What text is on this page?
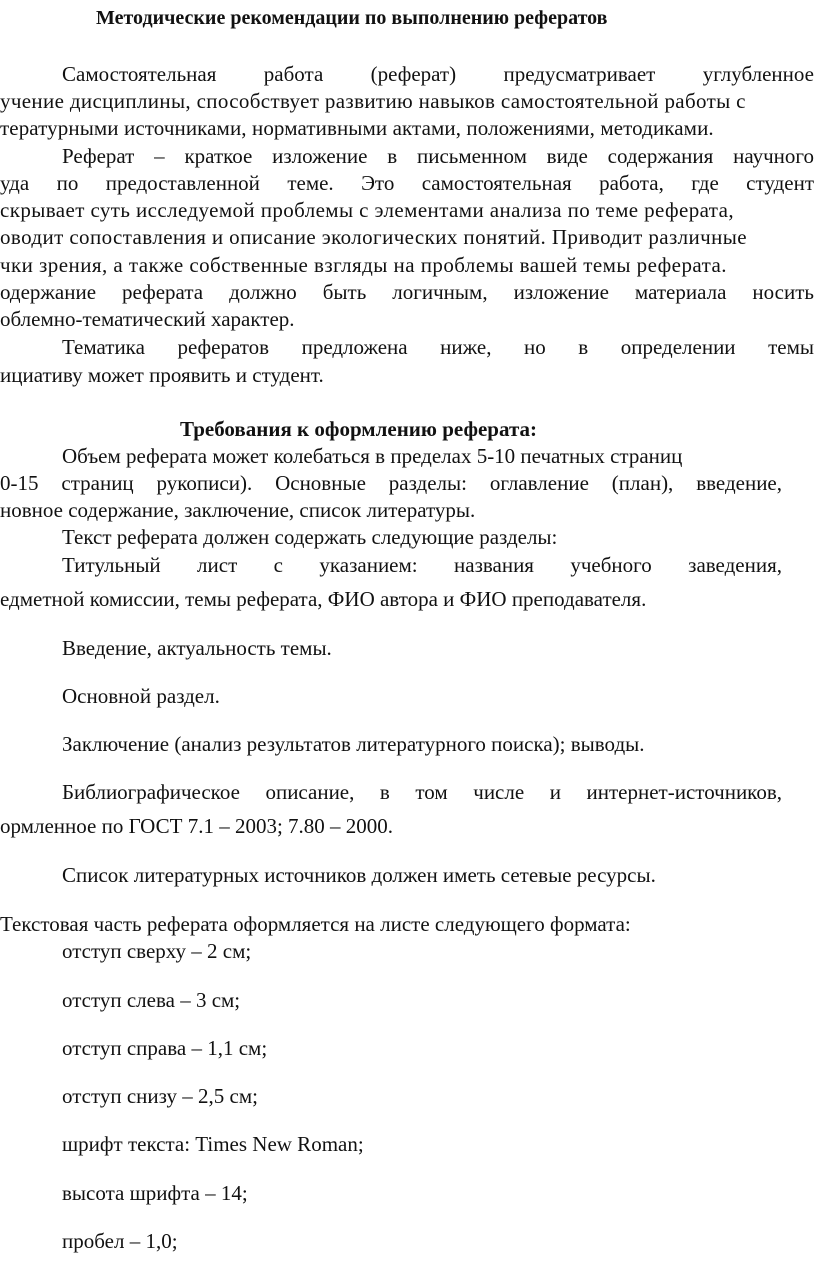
Методические рекомендации по выполнению рефератов

Самостоятельная работа (реферат) предусматривает углубленное

учение дисциплины, способствует развитию навыков самостоятельной работы с

тературными источниками, нормативными актами, положениями, методиками.

Реферат – краткое изложение в письменном виде содержания научного

уда по предоставленной теме. Это самостоятельная работа, где студент

скрывает суть исследуемой проблемы с элементами анализа по теме реферата,

оводит сопоставления и описание экологических понятий. Приводит различные

чки зрения, а также собственные взгляды на проблемы вашей темы реферата.

одержание реферата должно быть логичным, изложение материала носить

облемно-тематический характер.

Тематика рефератов предложена ниже, но в определении темы

ициативу может проявить и студент.

Требования к оформлению реферата:

Объем реферата может колебаться в пределах 5-10 печатных страниц

0-15 страниц рукописи). Основные разделы: оглавление (план), введение,

новное содержание, заключение, список литературы.

Текст реферата должен содержать следующие разделы:

Титульный лист с указанием: названия учебного заведения,

едметной комиссии, темы реферата, ФИО автора и ФИО преподавателя.

Введение, актуальность темы.

Основной раздел.

Заключение (анализ результатов литературного поиска); выводы.

Библиографическое описание, в том числе и интернет-источников,

ормленное по ГОСТ 7.1 – 2003; 7.80 – 2000.

Список литературных источников должен иметь сетевые ресурсы.

Текстовая часть реферата оформляется на листе следующего формата:

отступ сверху – 2 см;

отступ слева – 3 см;

отступ справа – 1,1 см;

отступ снизу – 2,5 см;

шрифт текста: Times New Roman;

высота шрифта – 14;

пробел – 1,0;
